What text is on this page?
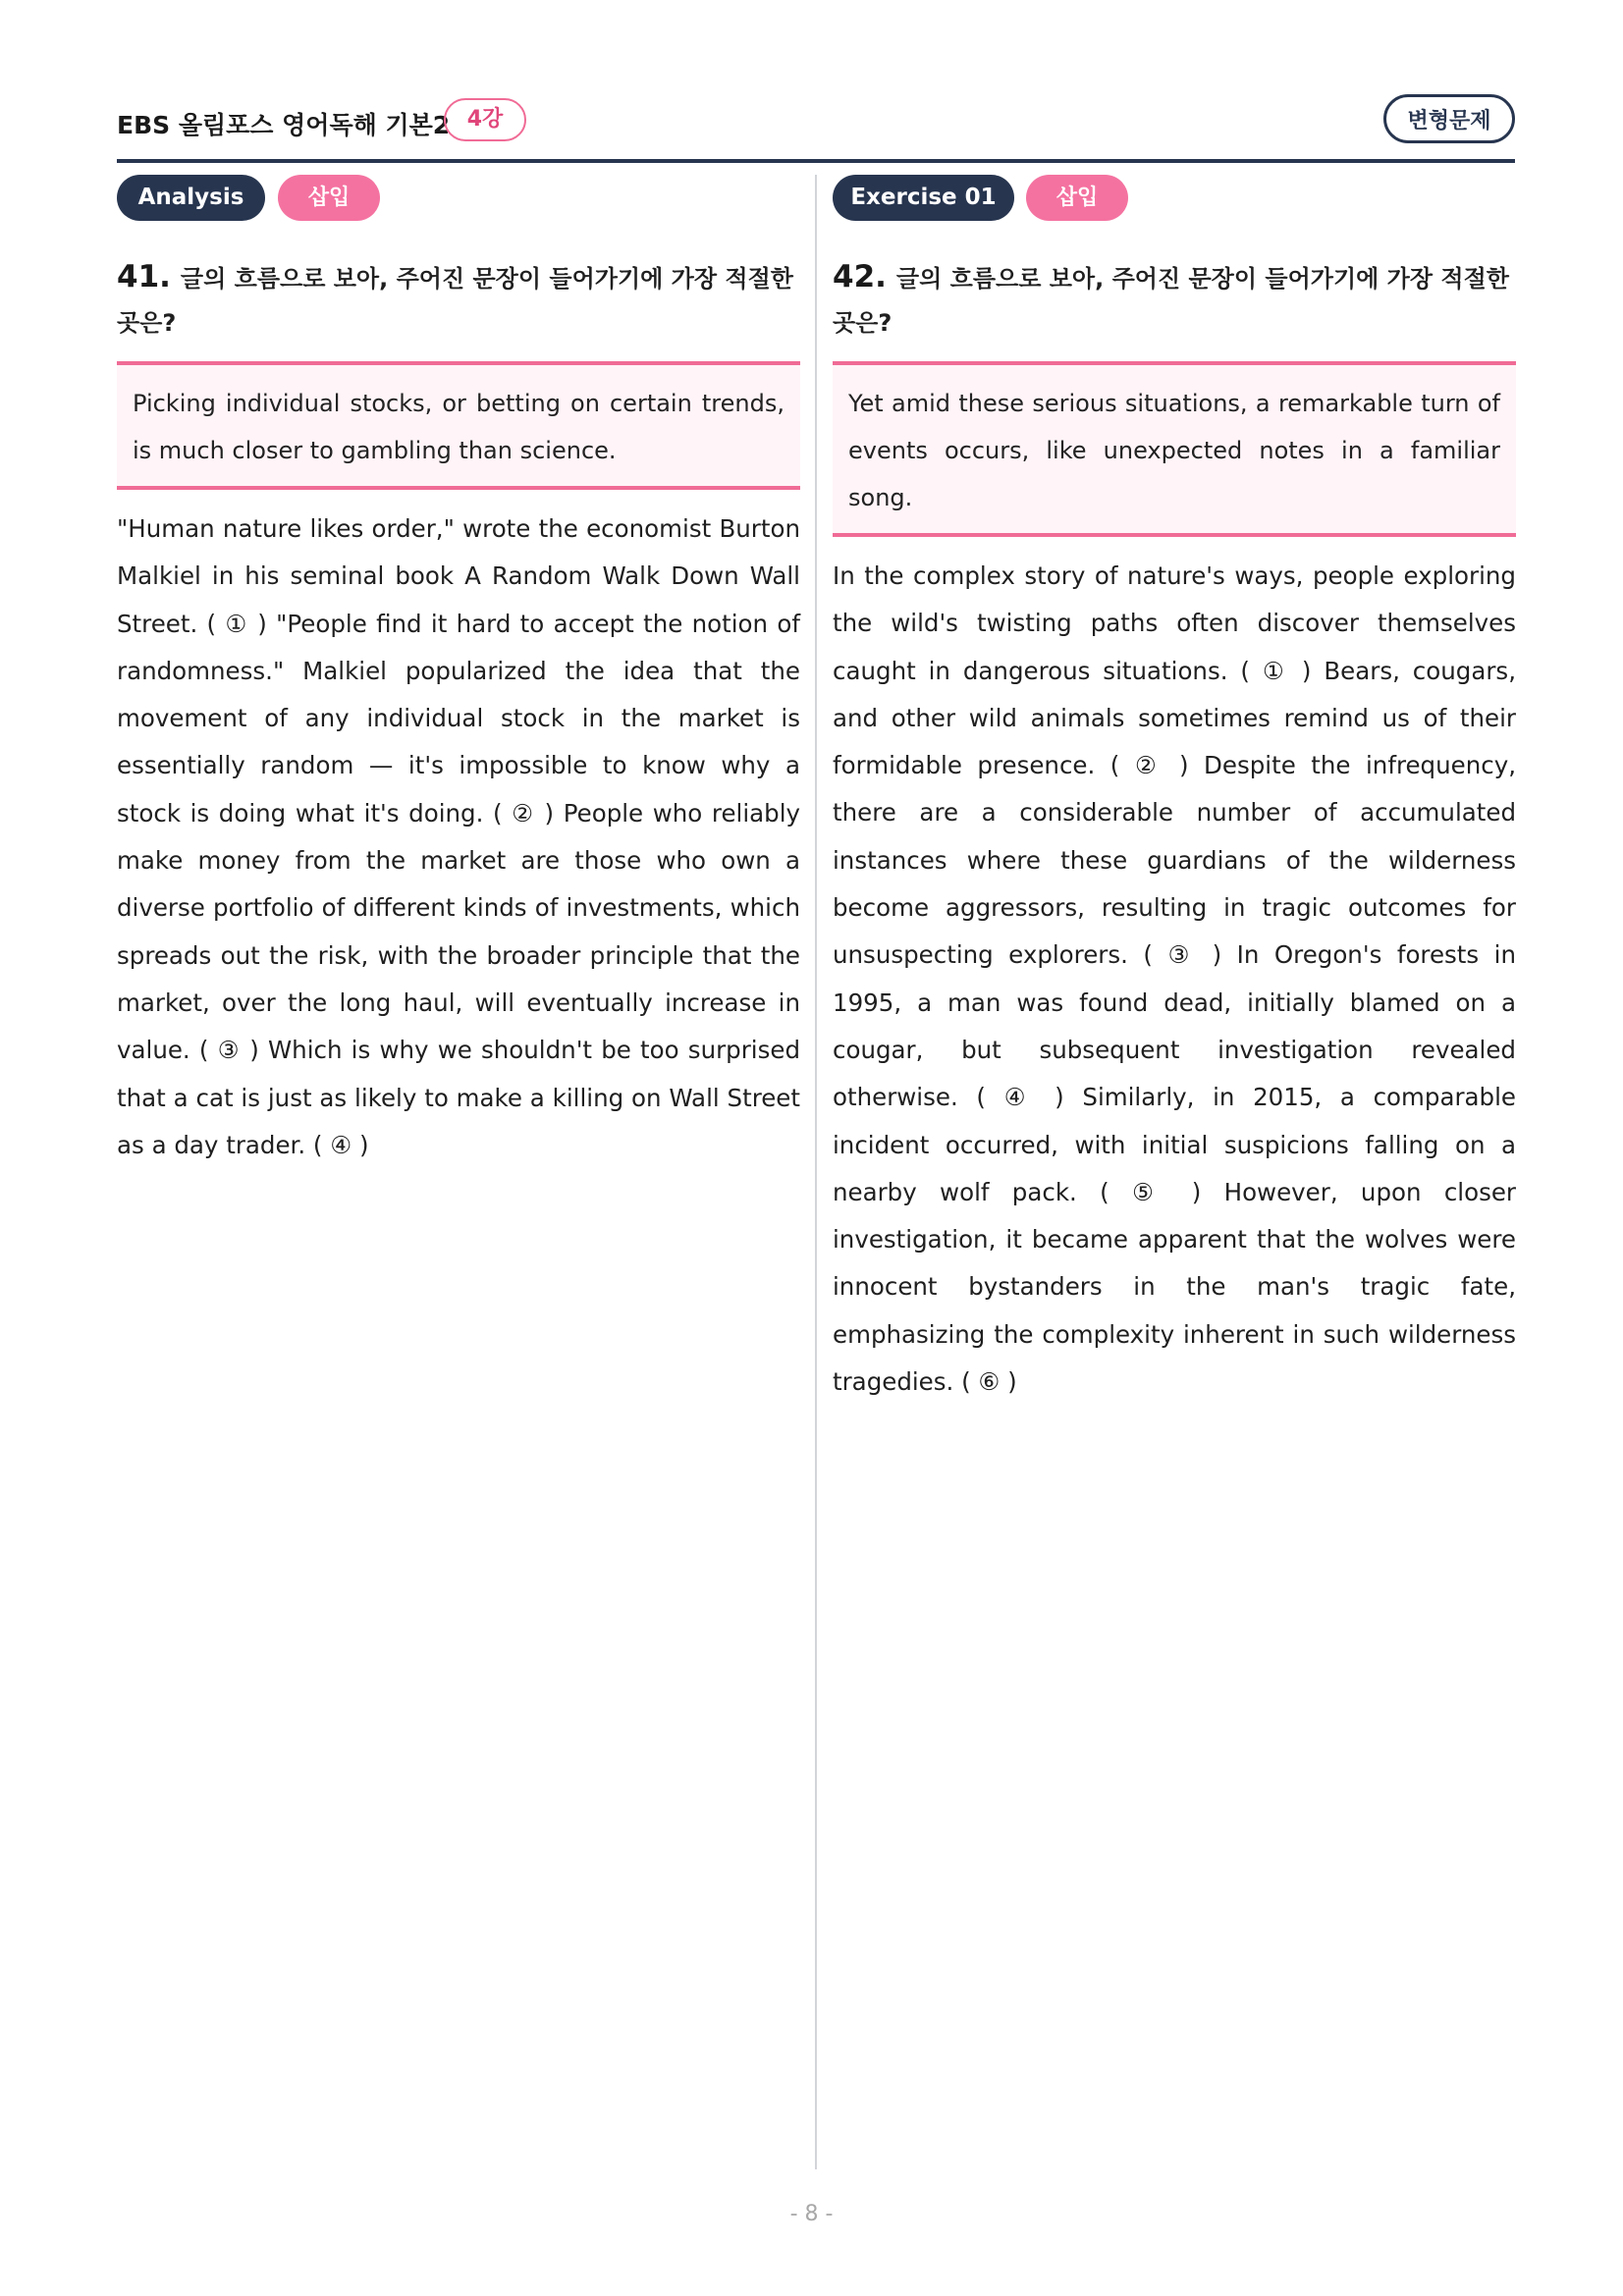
EBS 올림포스 영어독해 기본2 4강	변형문제
Analysis	삽입
41. 글의 흐름으로 보아, 주어진 문장이 들어가기에 가장 적절한 곳은?
Picking individual stocks, or betting on certain trends, is much closer to gambling than science.
"Human nature likes order," wrote the economist Burton Malkiel in his seminal book A Random Walk Down Wall Street. ( ① ) "People find it hard to accept the notion of randomness." Malkiel popularized the idea that the movement of any individual stock in the market is essentially random — it's impossible to know why a stock is doing what it's doing. ( ② ) People who reliably make money from the market are those who own a diverse portfolio of different kinds of investments, which spreads out the risk, with the broader principle that the market, over the long haul, will eventually increase in value. ( ③ ) Which is why we shouldn't be too surprised that a cat is just as likely to make a killing on Wall Street as a day trader. ( ④ )
Exercise 01	삽입
42. 글의 흐름으로 보아, 주어진 문장이 들어가기에 가장 적절한 곳은?
Yet amid these serious situations, a remarkable turn of events occurs, like unexpected notes in a familiar song.
In the complex story of nature's ways, people exploring the wild's twisting paths often discover themselves caught in dangerous situations. ( ① ) Bears, cougars, and other wild animals sometimes remind us of their formidable presence. ( ② ) Despite the infrequency, there are a considerable number of accumulated instances where these guardians of the wilderness become aggressors, resulting in tragic outcomes for unsuspecting explorers. ( ③ ) In Oregon's forests in 1995, a man was found dead, initially blamed on a cougar, but subsequent investigation revealed otherwise. ( ④ ) Similarly, in 2015, a comparable incident occurred, with initial suspicions falling on a nearby wolf pack. ( ⑤ ) However, upon closer investigation, it became apparent that the wolves were innocent bystanders in the man's tragic fate, emphasizing the complexity inherent in such wilderness tragedies. ( ⑥ )
- 8 -
